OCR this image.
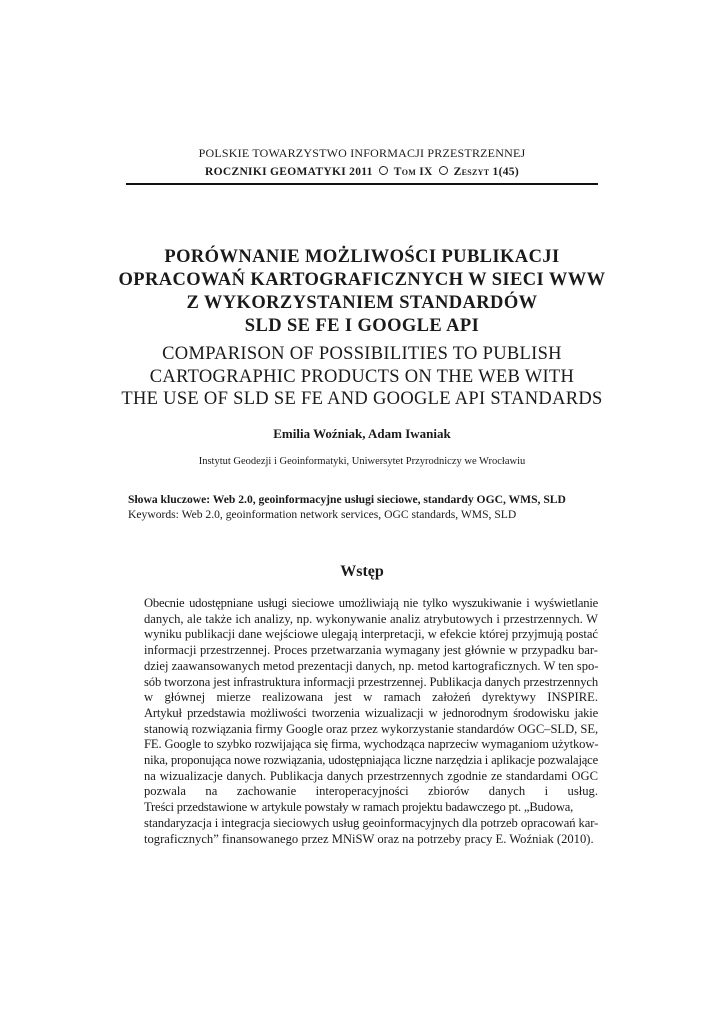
POLSKIE TOWARZYSTWO INFORMACJI PRZESTRZENNEJ
ROCZNIKI GEOMATYKI 2011 Tom IX Zeszyt 1(45)
PORÓWNANIE MOŻLIWOŚCI PUBLIKACJI
OPRACOWAŃ KARTOGRAFICZNYCH W SIECI WWW
Z WYKORZYSTANIEM STANDARDÓW
SLD SE FE I GOOGLE API
COMPARISON OF POSSIBILITIES TO PUBLISH
CARTOGRAPHIC PRODUCTS ON THE WEB WITH
THE USE OF SLD SE FE AND GOOGLE API STANDARDS
Emilia Woźniak, Adam Iwaniak
Instytut Geodezji i Geoinformatyki, Uniwersytet Przyrodniczy we Wrocławiu
Słowa kluczowe: Web 2.0, geoinformacyjne usługi sieciowe, standardy OGC, WMS, SLD
Keywords: Web 2.0, geoinformation network services, OGC standards, WMS, SLD
Wstęp

Obecnie udostępniane usługi sieciowe umożliwiają nie tylko wyszukiwanie i wyświetlanie
danych, ale także ich analizy, np. wykonywanie analiz atrybutowych i przestrzennych. W
wyniku publikacji dane wejściowe ulegają interpretacji, w efekcie której przyjmują postać
informacji przestrzennej. Proces przetwarzania wymagany jest głównie w przypadku bar-
dziej zaawansowanych metod prezentacji danych, np. metod kartograficznych. W ten spo-
sób tworzona jest infrastruktura informacji przestrzennej. Publikacja danych przestrzennych
w głównej mierze realizowana jest w ramach założeń dyrektywy INSPIRE.

Artykuł przedstawia możliwości tworzenia wizualizacji w jednorodnym środowisku jakie
stanowią rozwiązania firmy Google oraz przez wykorzystanie standardów OGC–SLD, SE,
FE. Google to szybko rozwijająca się firma, wychodząca naprzeciw wymaganiom użytkow-
nika, proponująca nowe rozwiązania, udostępniająca liczne narzędzia i aplikacje pozwalające
na wizualizacje danych. Publikacja danych przestrzennych zgodnie ze standardami OGC
pozwala na zachowanie interoperacyjności zbiorów danych i usług.

Treści przedstawione w artykule powstały w ramach projektu badawczego pt. „Budowa,
standaryzacja i integracja sieciowych usług geoinformacyjnych dla potrzeb opracowań kar-
tograficznych” finansowanego przez MNiSW oraz na potrzeby pracy E. Woźniak (2010).
